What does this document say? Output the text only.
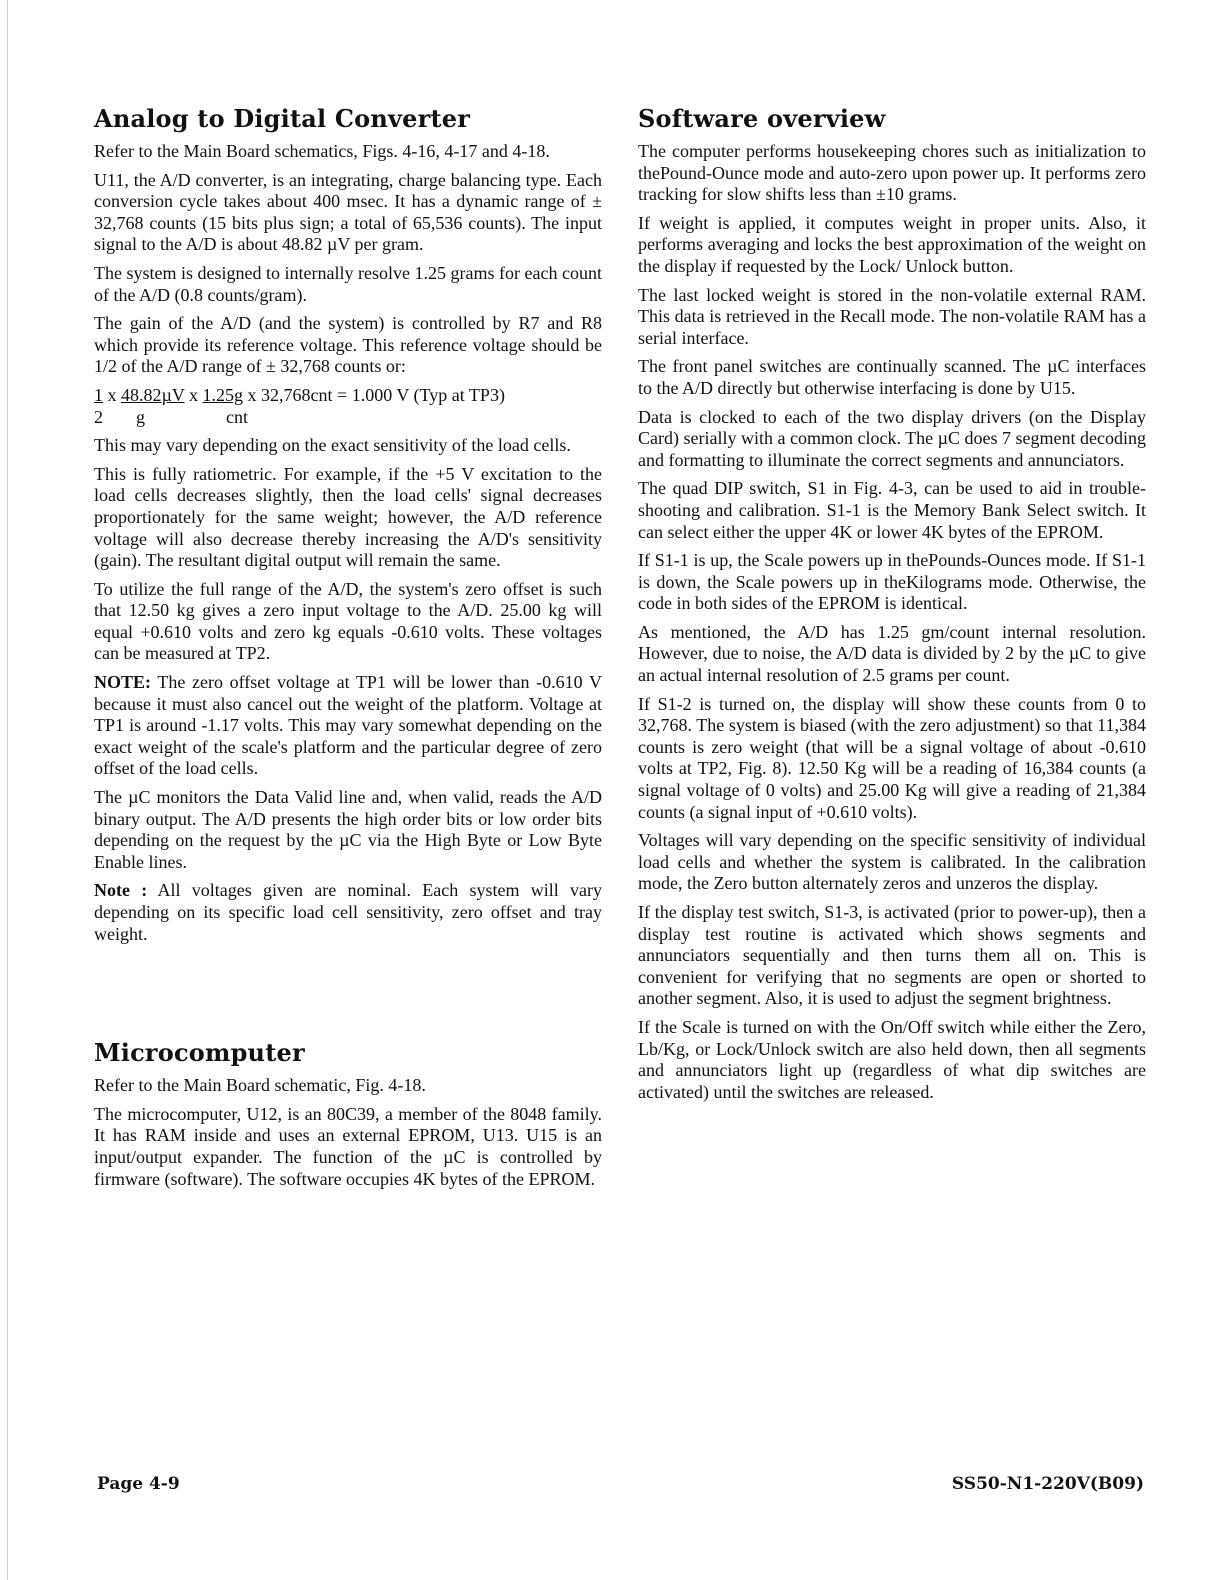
Analog to Digital Converter

Refer to the Main Board schematics, Figs. 4-16, 4-17 and 4-18.

U11, the A/D converter, is an integrating, charge balancing type. Each conversion cycle takes about 400 msec. It has a dynamic range of ± 32,768 counts (15 bits plus sign; a total of 65,536 counts). The input signal to the A/D is about 48.82 µV per gram.

The system is designed to internally resolve 1.25 grams for each count of the A/D (0.8 counts/gram).

The gain of the A/D (and the system) is controlled by R7 and R8 which provide its reference voltage. This reference voltage should be 1/2 of the A/D range of ± 32,768 counts or:

1 x 48.82µV x 1.25g x 32,768cnt = 1.000 V (Typ at TP3)
2 g	cnt

This may vary depending on the exact sensitivity of the load cells.

This is fully ratiometric. For example, if the +5 V excitation to the load cells decreases slightly, then the load cells' signal decreases proportionately for the same weight; however, the A/D reference voltage will also decrease thereby increasing the A/D's sensitivity (gain). The resultant digital output will remain the same.

To utilize the full range of the A/D, the system's zero offset is such that 12.50 kg gives a zero input voltage to the A/D. 25.00 kg will equal +0.610 volts and zero kg equals -0.610 volts. These voltages can be measured at TP2.

NOTE: The zero offset voltage at TP1 will be lower than -0.610 V because it must also cancel out the weight of the platform. Voltage at TP1 is around -1.17 volts. This may vary somewhat depending on the exact weight of the scale's platform and the particular degree of zero offset of the load cells.

The µC monitors the Data Valid line and, when valid, reads the A/D binary output. The A/D presents the high order bits or low order bits depending on the request by the µC via the High Byte or Low Byte Enable lines.

Note : All voltages given are nominal. Each system will vary depending on its specific load cell sensitivity, zero offset and tray weight.

Microcomputer

Refer to the Main Board schematic, Fig. 4-18.

The microcomputer, U12, is an 80C39, a member of the 8048 family. It has RAM inside and uses an external EPROM, U13. U15 is an input/output expander. The function of the µC is controlled by firmware (software). The software occupies 4K bytes of the EPROM.

Software overview

The computer performs housekeeping chores such as initialization to thePound-Ounce mode and auto-zero upon power up. It performs zero tracking for slow shifts less than ±10 grams.

If weight is applied, it computes weight in proper units. Also, it performs averaging and locks the best approximation of the weight on the display if requested by the Lock/ Unlock button.

The last locked weight is stored in the non-volatile external RAM. This data is retrieved in the Recall mode. The non-volatile RAM has a serial interface.

The front panel switches are continually scanned. The µC interfaces to the A/D directly but otherwise interfacing is done by U15.

Data is clocked to each of the two display drivers (on the Display Card) serially with a common clock. The µC does 7 segment decoding and formatting to illuminate the correct segments and annunciators.

The quad DIP switch, S1 in Fig. 4-3, can be used to aid in trouble-shooting and calibration. S1-1 is the Memory Bank Select switch. It can select either the upper 4K or lower 4K bytes of the EPROM.

If S1-1 is up, the Scale powers up in thePounds-Ounces mode. If S1-1 is down, the Scale powers up in theKilograms mode. Otherwise, the code in both sides of the EPROM is identical.

As mentioned, the A/D has 1.25 gm/count internal resolution. However, due to noise, the A/D data is divided by 2 by the µC to give an actual internal resolution of 2.5 grams per count.

If S1-2 is turned on, the display will show these counts from 0 to 32,768. The system is biased (with the zero adjustment) so that 11,384 counts is zero weight (that will be a signal voltage of about -0.610 volts at TP2, Fig. 8). 12.50 Kg will be a reading of 16,384 counts (a signal voltage of 0 volts) and 25.00 Kg will give a reading of 21,384 counts (a signal input of +0.610 volts).

Voltages will vary depending on the specific sensitivity of individual load cells and whether the system is calibrated. In the calibration mode, the Zero button alternately zeros and unzeros the display.

If the display test switch, S1-3, is activated (prior to power-up), then a display test routine is activated which shows segments and annunciators sequentially and then turns them all on. This is convenient for verifying that no segments are open or shorted to another segment. Also, it is used to adjust the segment brightness.

If the Scale is turned on with the On/Off switch while either the Zero, Lb/Kg, or Lock/Unlock switch are also held down, then all segments and annunciators light up (regardless of what dip switches are activated) until the switches are released.

Page 4-9	SS50-N1-220V(B09)
